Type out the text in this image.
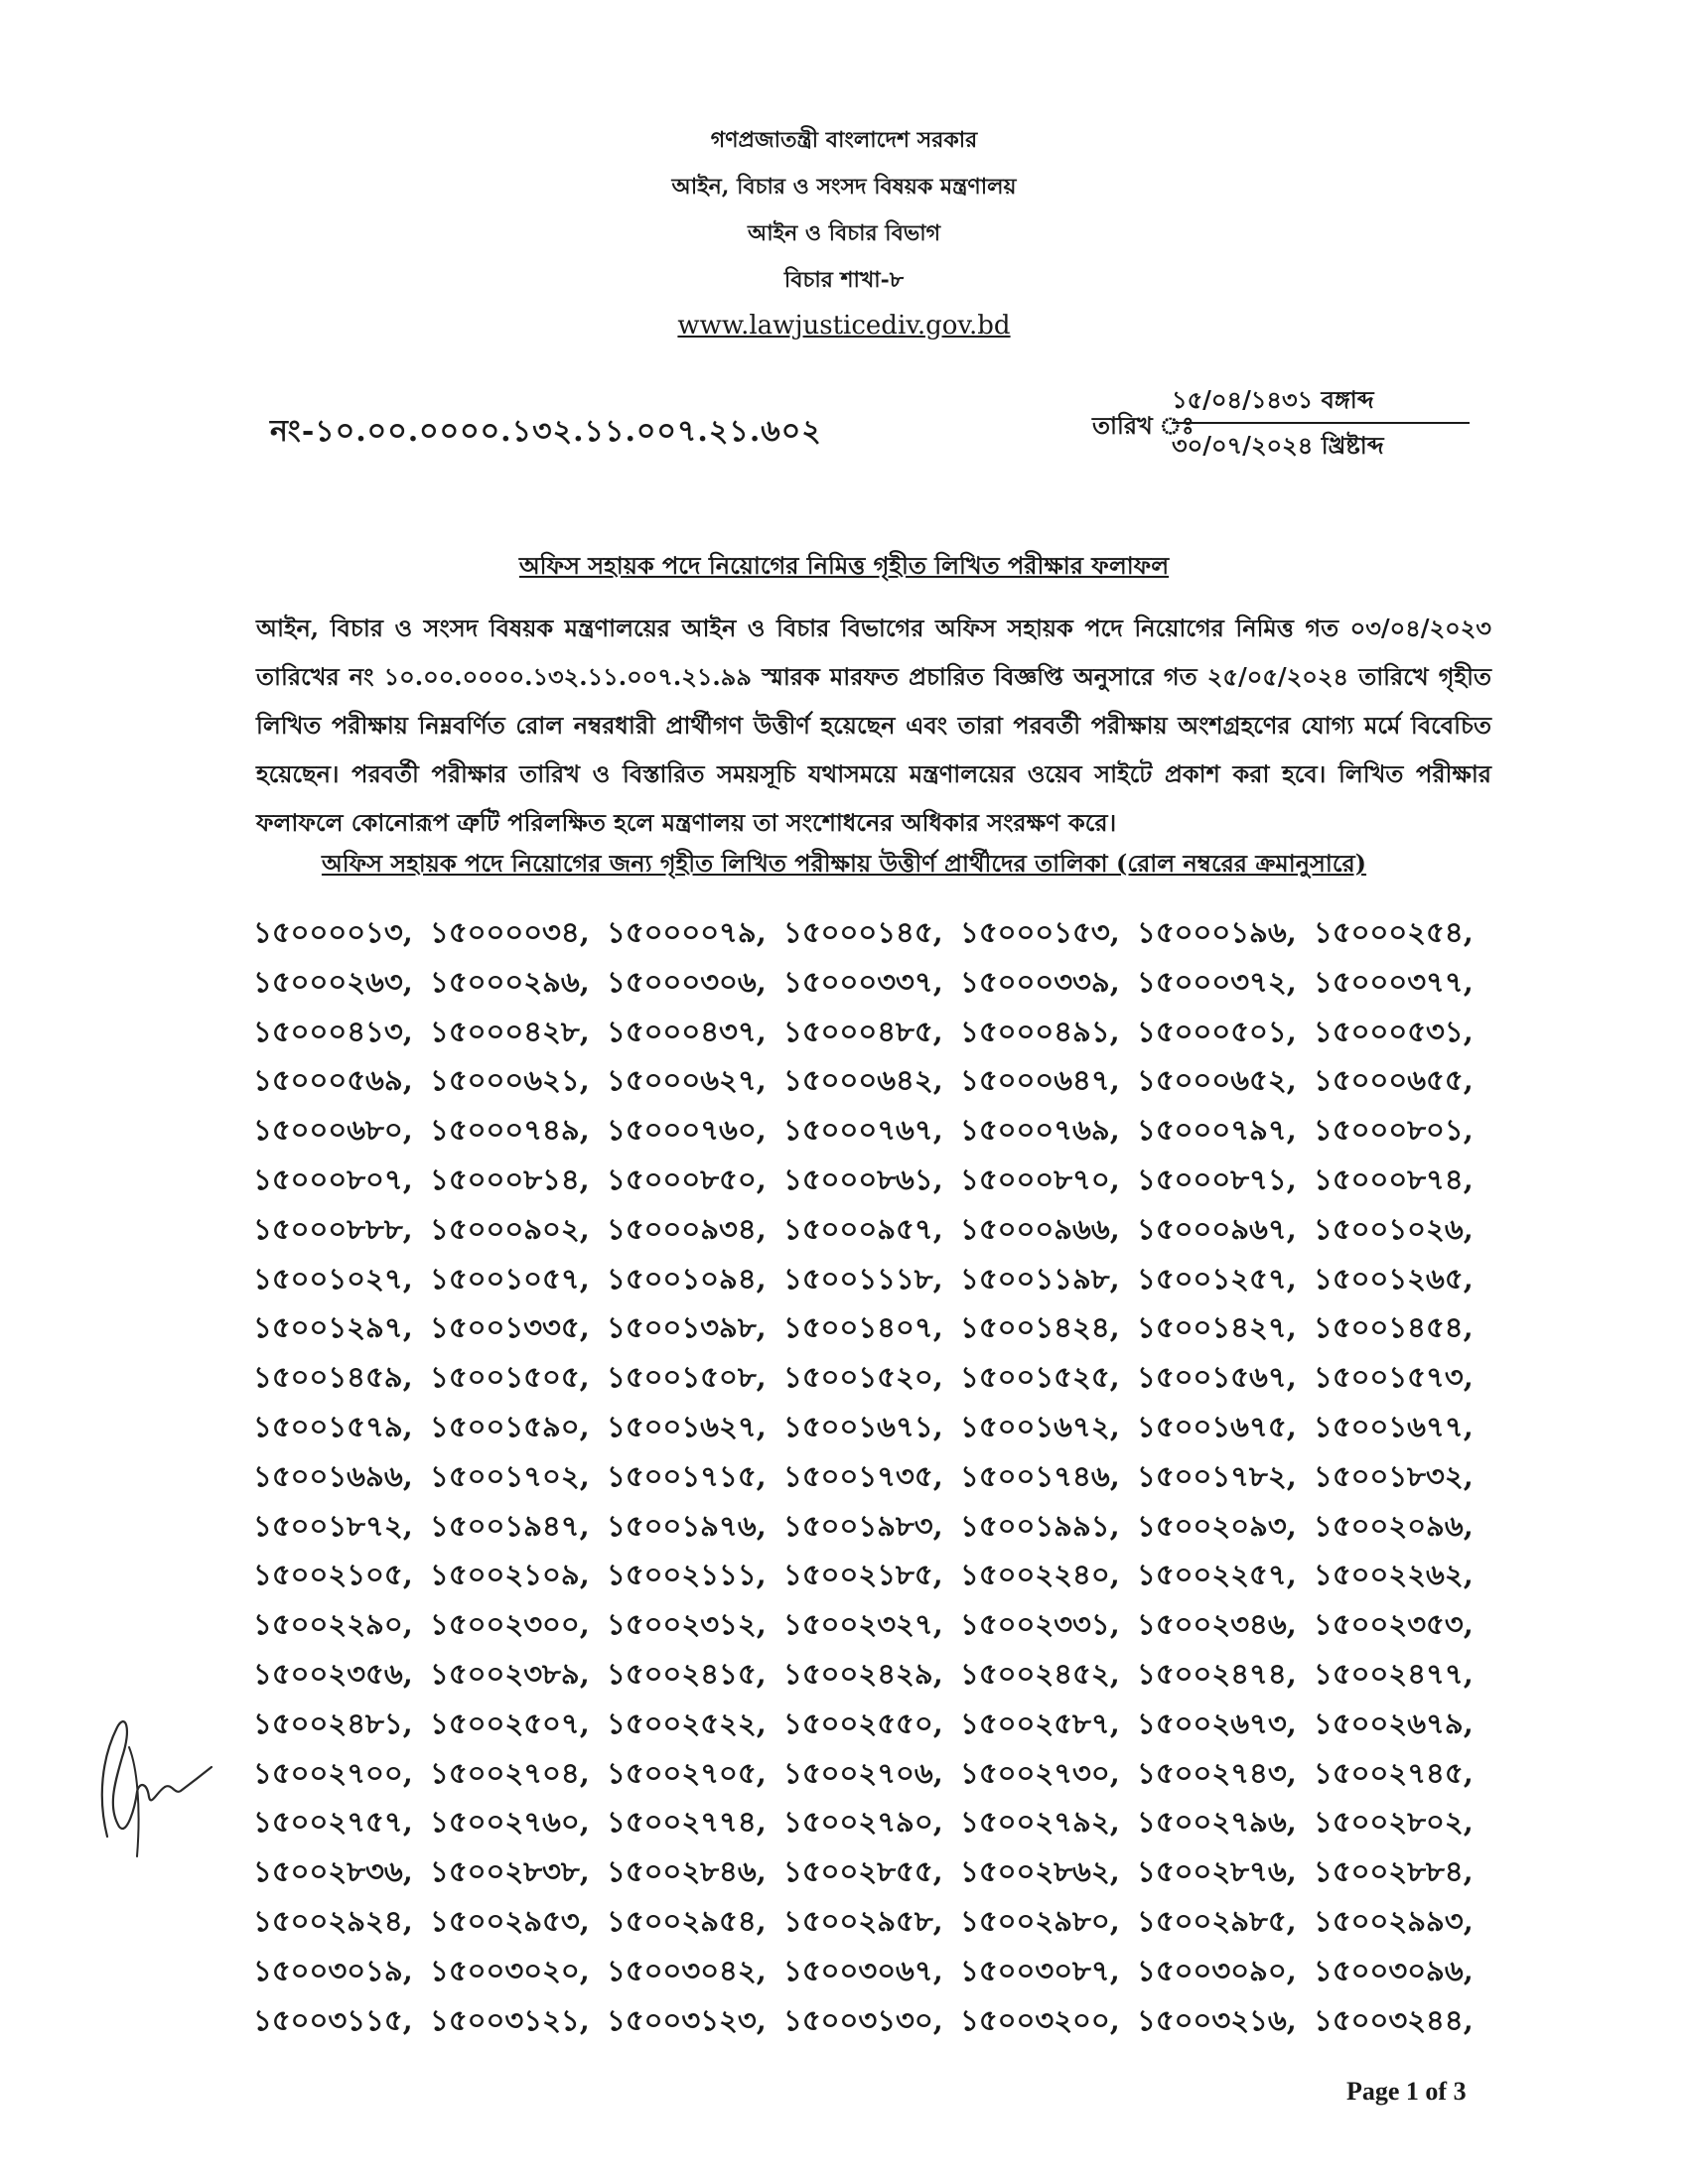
গণপ্রজাতন্ত্রী বাংলাদেশ সরকার
আইন, বিচার ও সংসদ বিষয়ক মন্ত্রণালয়
আইন ও বিচার বিভাগ
বিচার শাখা-৮
www.lawjusticediv.gov.bd
নং-১০.০০.০০০০.১৩২.১১.০০৭.২১.৬০২	তারিখ ঃ
১৫/০৪/১৪৩১ বঙ্গাব্দ
৩০/০৭/২০২৪ খ্রিষ্টাব্দ
অফিস সহায়ক পদে নিয়োগের নিমিত্ত গৃহীত লিখিত পরীক্ষার ফলাফল
আইন, বিচার ও সংসদ বিষয়ক মন্ত্রণালয়ের আইন ও বিচার বিভাগের অফিস সহায়ক পদে নিয়োগের নিমিত্ত গত ০৩/০৪/২০২৩ তারিখের নং ১০.০০.০০০০.১৩২.১১.০০৭.২১.৯৯ স্মারক মারফত প্রচারিত বিজ্ঞপ্তি অনুসারে গত ২৫/০৫/২০২৪ তারিখে গৃহীত লিখিত পরীক্ষায় নিম্নবর্ণিত রোল নম্বরধারী প্রার্থীগণ উত্তীর্ণ হয়েছেন এবং তারা পরবর্তী পরীক্ষায় অংশগ্রহণের যোগ্য মর্মে বিবেচিত হয়েছেন। পরবর্তী পরীক্ষার তারিখ ও বিস্তারিত সময়সূচি যথাসময়ে মন্ত্রণালয়ের ওয়েব সাইটে প্রকাশ করা হবে। লিখিত পরীক্ষার ফলাফলে কোনোরূপ ত্রুটি পরিলক্ষিত হলে মন্ত্রণালয় তা সংশোধনের অধিকার সংরক্ষণ করে।
অফিস সহায়ক পদে নিয়োগের জন্য গৃহীত লিখিত পরীক্ষায় উত্তীর্ণ প্রার্থীদের তালিকা (রোল নম্বরের ক্রমানুসারে)
১৫০০০০১৩, ১৫০০০০৩৪, ১৫০০০০৭৯, ১৫০০০১৪৫, ১৫০০০১৫৩, ১৫০০০১৯৬, ১৫০০০২৫৪,
১৫০০০২৬৩, ১৫০০০২৯৬, ১৫০০০৩০৬, ১৫০০০৩৩৭, ১৫০০০৩৩৯, ১৫০০০৩৭২, ১৫০০০৩৭৭,
১৫০০০৪১৩, ১৫০০০৪২৮, ১৫০০০৪৩৭, ১৫০০০৪৮৫, ১৫০০০৪৯১, ১৫০০০৫০১, ১৫০০০৫৩১,
১৫০০০৫৬৯, ১৫০০০৬২১, ১৫০০০৬২৭, ১৫০০০৬৪২, ১৫০০০৬৪৭, ১৫০০০৬৫২, ১৫০০০৬৫৫,
১৫০০০৬৮০, ১৫০০০৭৪৯, ১৫০০০৭৬০, ১৫০০০৭৬৭, ১৫০০০৭৬৯, ১৫০০০৭৯৭, ১৫০০০৮০১,
১৫০০০৮০৭, ১৫০০০৮১৪, ১৫০০০৮৫০, ১৫০০০৮৬১, ১৫০০০৮৭০, ১৫০০০৮৭১, ১৫০০০৮৭৪,
১৫০০০৮৮৮, ১৫০০০৯০২, ১৫০০০৯৩৪, ১৫০০০৯৫৭, ১৫০০০৯৬৬, ১৫০০০৯৬৭, ১৫০০১০২৬,
১৫০০১০২৭, ১৫০০১০৫৭, ১৫০০১০৯৪, ১৫০০১১১৮, ১৫০০১১৯৮, ১৫০০১২৫৭, ১৫০০১২৬৫,
১৫০০১২৯৭, ১৫০০১৩৩৫, ১৫০০১৩৯৮, ১৫০০১৪০৭, ১৫০০১৪২৪, ১৫০০১৪২৭, ১৫০০১৪৫৪,
১৫০০১৪৫৯, ১৫০০১৫০৫, ১৫০০১৫০৮, ১৫০০১৫২০, ১৫০০১৫২৫, ১৫০০১৫৬৭, ১৫০০১৫৭৩,
১৫০০১৫৭৯, ১৫০০১৫৯০, ১৫০০১৬২৭, ১৫০০১৬৭১, ১৫০০১৬৭২, ১৫০০১৬৭৫, ১৫০০১৬৭৭,
১৫০০১৬৯৬, ১৫০০১৭০২, ১৫০০১৭১৫, ১৫০০১৭৩৫, ১৫০০১৭৪৬, ১৫০০১৭৮২, ১৫০০১৮৩২,
১৫০০১৮৭২, ১৫০০১৯৪৭, ১৫০০১৯৭৬, ১৫০০১৯৮৩, ১৫০০১৯৯১, ১৫০০২০৯৩, ১৫০০২০৯৬,
১৫০০২১০৫, ১৫০০২১০৯, ১৫০০২১১১, ১৫০০২১৮৫, ১৫০০২২৪০, ১৫০০২২৫৭, ১৫০০২২৬২,
১৫০০২২৯০, ১৫০০২৩০০, ১৫০০২৩১২, ১৫০০২৩২৭, ১৫০০২৩৩১, ১৫০০২৩৪৬, ১৫০০২৩৫৩,
১৫০০২৩৫৬, ১৫০০২৩৮৯, ১৫০০২৪১৫, ১৫০০২৪২৯, ১৫০০২৪৫২, ১৫০০২৪৭৪, ১৫০০২৪৭৭,
১৫০০২৪৮১, ১৫০০২৫০৭, ১৫০০২৫২২, ১৫০০২৫৫০, ১৫০০২৫৮৭, ১৫০০২৬৭৩, ১৫০০২৬৭৯,
১৫০০২৭০০, ১৫০০২৭০৪, ১৫০০২৭০৫, ১৫০০২৭০৬, ১৫০০২৭৩০, ১৫০০২৭৪৩, ১৫০০২৭৪৫,
১৫০০২৭৫৭, ১৫০০২৭৬০, ১৫০০২৭৭৪, ১৫০০২৭৯০, ১৫০০২৭৯২, ১৫০০২৭৯৬, ১৫০০২৮০২,
১৫০০২৮৩৬, ১৫০০২৮৩৮, ১৫০০২৮৪৬, ১৫০০২৮৫৫, ১৫০০২৮৬২, ১৫০০২৮৭৬, ১৫০০২৮৮৪,
১৫০০২৯২৪, ১৫০০২৯৫৩, ১৫০০২৯৫৪, ১৫০০২৯৫৮, ১৫০০২৯৮০, ১৫০০২৯৮৫, ১৫০০২৯৯৩,
১৫০০৩০১৯, ১৫০০৩০২০, ১৫০০৩০৪২, ১৫০০৩০৬৭, ১৫০০৩০৮৭, ১৫০০৩০৯০, ১৫০০৩০৯৬,
১৫০০৩১১৫, ১৫০০৩১২১, ১৫০০৩১২৩, ১৫০০৩১৩০, ১৫০০৩২০০, ১৫০০৩২১৬, ১৫০০৩২৪৪,
Page 1 of 3
